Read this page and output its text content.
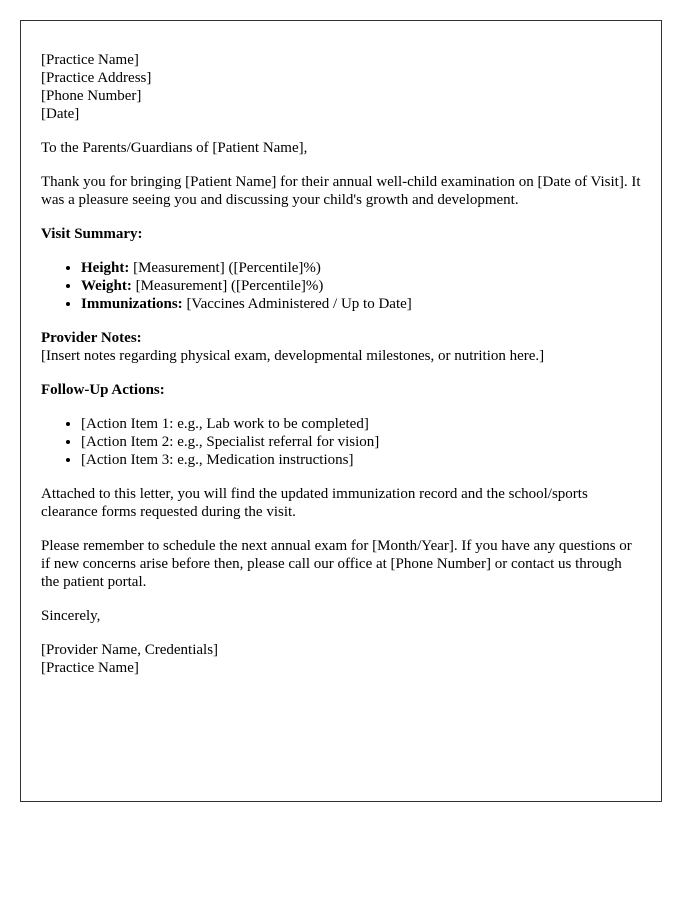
[Practice Name]
[Practice Address]
[Phone Number]
[Date]

To the Parents/Guardians of [Patient Name],

Thank you for bringing [Patient Name] for their annual well-child examination on [Date of Visit]. It was a pleasure seeing you and discussing your child's growth and development.

Visit Summary:

• Height: [Measurement] ([Percentile]%)
• Weight: [Measurement] ([Percentile]%)
• Immunizations: [Vaccines Administered / Up to Date]
Provider Notes:
[Insert notes regarding physical exam, developmental milestones, or nutrition here.]

Follow-Up Actions:

• [Action Item 1: e.g., Lab work to be completed]
• [Action Item 2: e.g., Specialist referral for vision]
• [Action Item 3: e.g., Medication instructions]

Attached to this letter, you will find the updated immunization record and the school/sports clearance forms requested during the visit.

Please remember to schedule the next annual exam for [Month/Year]. If you have any questions or if new concerns arise before then, please call our office at [Phone Number] or contact us through the patient portal.

Sincerely,

[Provider Name, Credentials]
[Practice Name]
